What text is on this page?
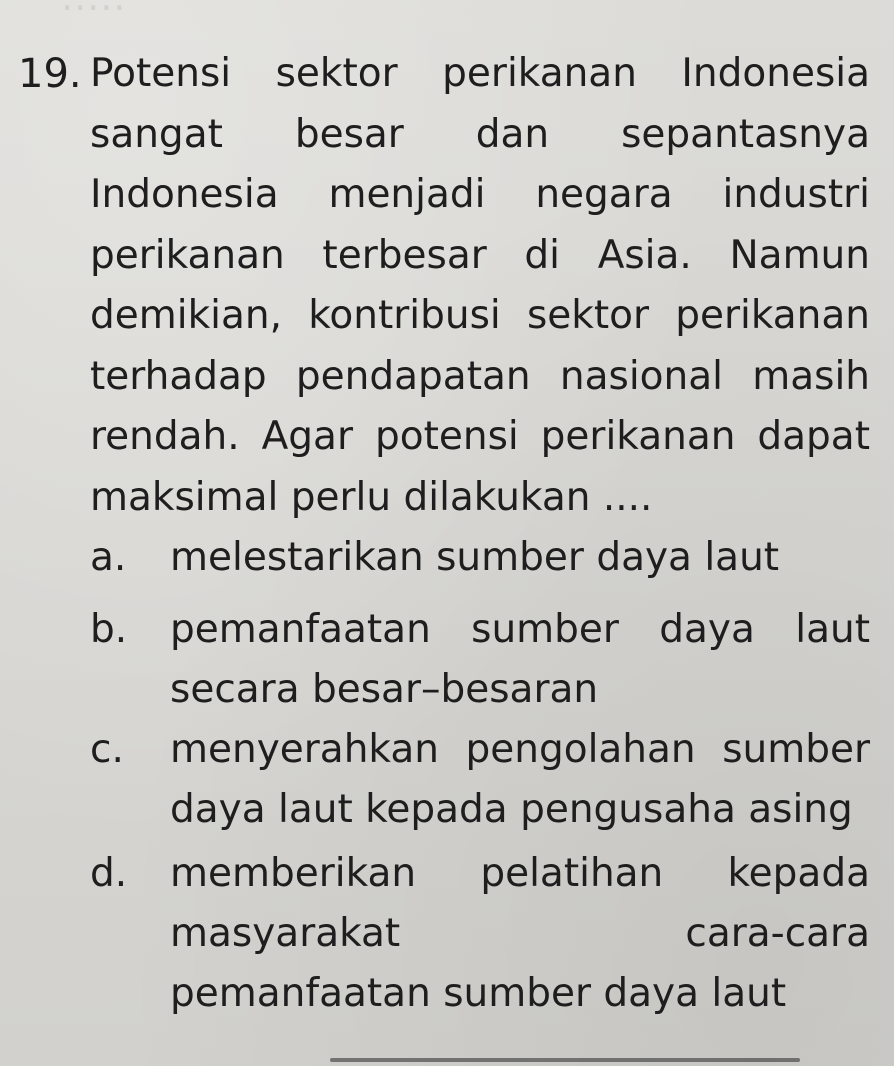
·····
19. Potensi sektor perikanan Indonesia sangat besar dan sepantasnya Indonesia menjadi negara industri perikanan terbesar di Asia. Namun demikian, kontribusi sektor perikanan terhadap pendapatan nasional masih rendah. Agar potensi perikanan dapat maksimal perlu dilakukan ....
a. melestarikan sumber daya laut
b. pemanfaatan sumber daya laut secara besar–besaran
c. menyerahkan pengolahan sumber daya laut kepada pengusaha asing
d. memberikan pelatihan kepada masyarakat cara-cara pemanfaatan sumber daya laut
